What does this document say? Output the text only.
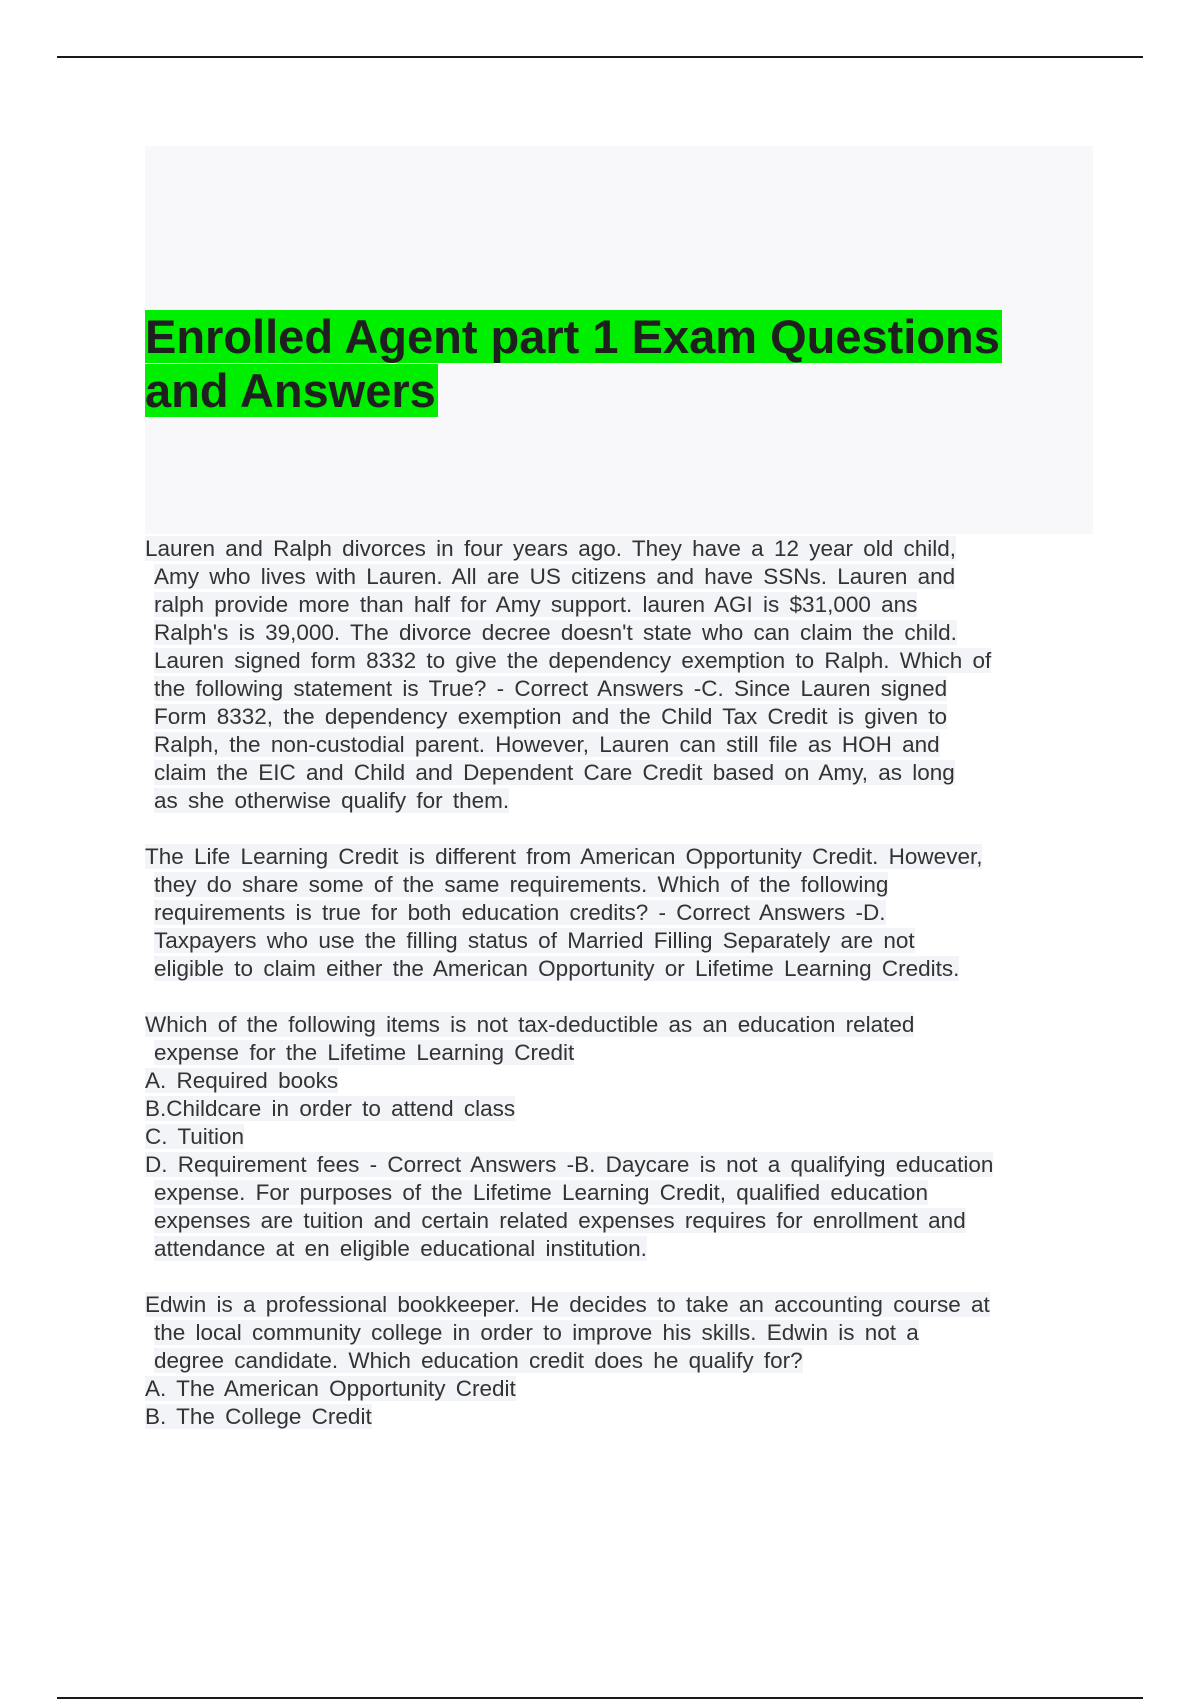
Enrolled Agent part 1 Exam Questions
and Answers
Lauren and Ralph divorces in four years ago. They have a 12 year old child,
Amy who lives with Lauren. All are US citizens and have SSNs. Lauren and
ralph provide more than half for Amy support. lauren AGI is $31,000 ans
Ralph's is 39,000. The divorce decree doesn't state who can claim the child.
Lauren signed form 8332 to give the dependency exemption to Ralph. Which of
the following statement is True? - Correct Answers -C. Since Lauren signed
Form 8332, the dependency exemption and the Child Tax Credit is given to
Ralph, the non-custodial parent. However, Lauren can still file as HOH and
claim the EIC and Child and Dependent Care Credit based on Amy, as long
as she otherwise qualify for them.
The Life Learning Credit is different from American Opportunity Credit. However,
they do share some of the same requirements. Which of the following
requirements is true for both education credits? - Correct Answers -D.
Taxpayers who use the filling status of Married Filling Separately are not
eligible to claim either the American Opportunity or Lifetime Learning Credits.
Which of the following items is not tax-deductible as an education related
expense for the Lifetime Learning Credit
A. Required books
B.Childcare in order to attend class
C. Tuition
D. Requirement fees - Correct Answers -B. Daycare is not a qualifying education
expense. For purposes of the Lifetime Learning Credit, qualified education
expenses are tuition and certain related expenses requires for enrollment and
attendance at en eligible educational institution.
Edwin is a professional bookkeeper. He decides to take an accounting course at
the local community college in order to improve his skills. Edwin is not a
degree candidate. Which education credit does he qualify for?
A. The American Opportunity Credit
B. The College Credit
